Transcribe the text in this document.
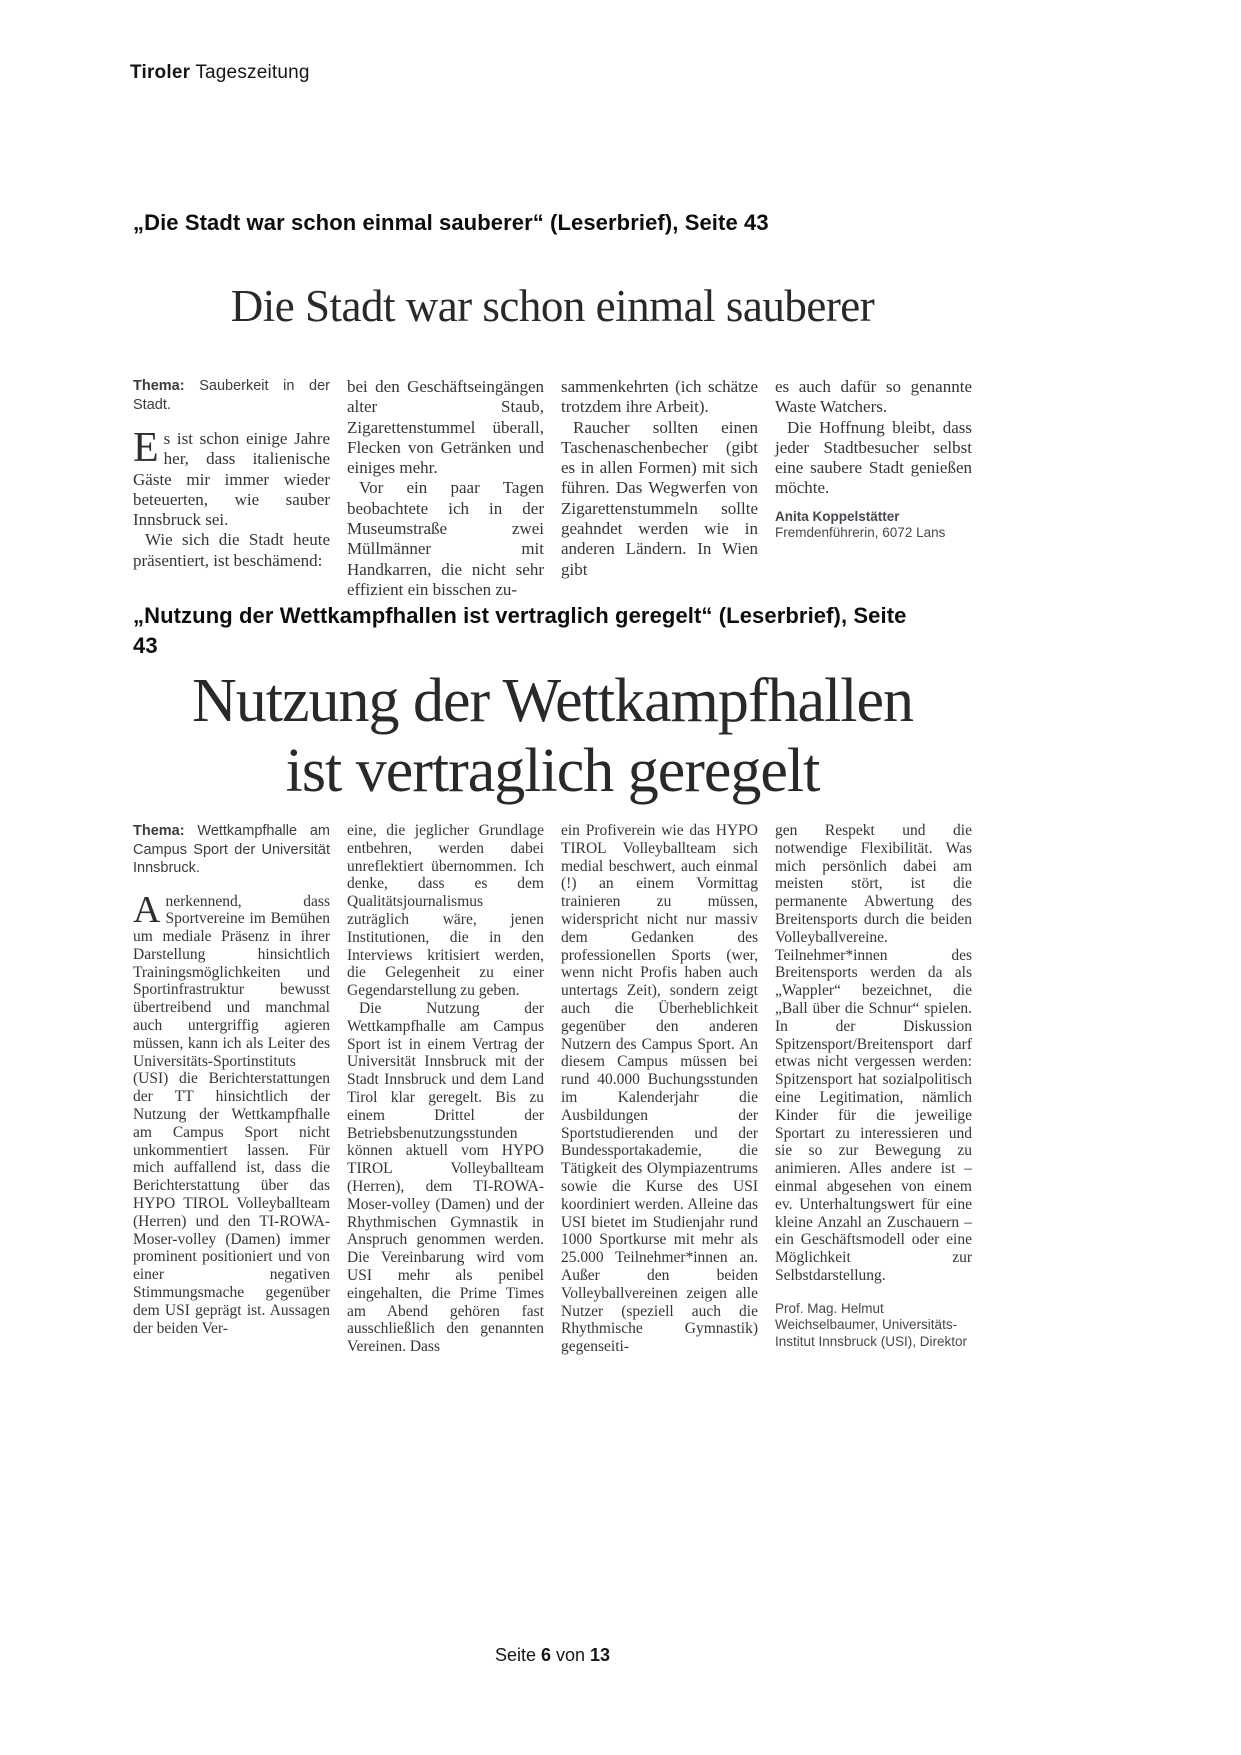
Tiroler Tageszeitung
„Die Stadt war schon einmal sauberer“ (Leserbrief), Seite 43
Die Stadt war schon einmal sauberer

Thema: Sauberkeit in der Stadt.

Es ist schon einige Jahre her, dass italienische Gäste mir immer wieder beteuerten, wie sauber Innsbruck sei.

Wie sich die Stadt heute präsentiert, ist beschämend:

bei den Geschäftseingängen alter Staub, Zigarettenstummel überall, Flecken von Getränken und einiges mehr.

Vor ein paar Tagen beobachtete ich in der Museumstraße zwei Müllmänner mit Handkarren, die nicht sehr effizient ein bisschen zu-

sammenkehrten (ich schätze trotzdem ihre Arbeit).

Raucher sollten einen Taschenaschenbecher (gibt es in allen Formen) mit sich führen. Das Wegwerfen von Zigarettenstummeln sollte geahndet werden wie in anderen Ländern. In Wien gibt

es auch dafür so genannte Waste Watchers.

Die Hoffnung bleibt, dass jeder Stadtbesucher selbst eine saubere Stadt genießen möchte.

Anita Koppelstätter
Fremdenführerin, 6072 Lans
„Nutzung der Wettkampfhallen ist vertraglich geregelt“ (Leserbrief), Seite
43
Nutzung der Wettkampfhallen
ist vertraglich geregelt

Thema: Wettkampfhalle am Campus Sport der Universität Innsbruck.

Anerkennend, dass Sportvereine im Bemühen um mediale Präsenz in ihrer Darstellung hinsichtlich Trainingsmöglichkeiten und Sportinfrastruktur bewusst übertreibend und manchmal auch untergriffig agieren müssen, kann ich als Leiter des Universitäts-Sportinstituts (USI) die Berichterstattungen der TT hinsichtlich der Nutzung der Wettkampfhalle am Campus Sport nicht unkommentiert lassen. Für mich auffallend ist, dass die Berichterstattung über das HYPO TIROL Volleyballteam (Herren) und den TI-ROWA-Moser-volley (Damen) immer prominent positioniert und von einer negativen Stimmungsmache gegenüber dem USI geprägt ist. Aussagen der beiden Ver-

eine, die jeglicher Grundlage entbehren, werden dabei unreflektiert übernommen. Ich denke, dass es dem Qualitätsjournalismus zuträglich wäre, jenen Institutionen, die in den Interviews kritisiert werden, die Gelegenheit zu einer Gegendarstellung zu geben.

Die Nutzung der Wettkampfhalle am Campus Sport ist in einem Vertrag der Universität Innsbruck mit der Stadt Innsbruck und dem Land Tirol klar geregelt. Bis zu einem Drittel der Betriebsbenutzungsstunden können aktuell vom HYPO TIROL Volleyballteam (Herren), dem TI-ROWA-Moser-volley (Damen) und der Rhythmischen Gymnastik in Anspruch genommen werden. Die Vereinbarung wird vom USI mehr als penibel eingehalten, die Prime Times am Abend gehören fast ausschließlich den genannten Vereinen. Dass

ein Profiverein wie das HYPO TIROL Volleyballteam sich medial beschwert, auch einmal (!) an einem Vormittag trainieren zu müssen, widerspricht nicht nur massiv dem Gedanken des professionellen Sports (wer, wenn nicht Profis haben auch untertags Zeit), sondern zeigt auch die Überheblichkeit gegenüber den anderen Nutzern des Campus Sport. An diesem Campus müssen bei rund 40.000 Buchungsstunden im Kalenderjahr die Ausbildungen der Sportstudierenden und der Bundessportakademie, die Tätigkeit des Olympiazentrums sowie die Kurse des USI koordiniert werden. Alleine das USI bietet im Studienjahr rund 1000 Sportkurse mit mehr als 25.000 Teilnehmer*innen an. Außer den beiden Volleyballvereinen zeigen alle Nutzer (speziell auch die Rhythmische Gymnastik) gegenseiti-

gen Respekt und die notwendige Flexibilität. Was mich persönlich dabei am meisten stört, ist die permanente Abwertung des Breitensports durch die beiden Volleyballvereine. Teilnehmer*innen des Breitensports werden da als „Wappler“ bezeichnet, die „Ball über die Schnur“ spielen. In der Diskussion Spitzensport/Breitensport darf etwas nicht vergessen werden: Spitzensport hat sozialpolitisch eine Legitimation, nämlich Kinder für die jeweilige Sportart zu interessieren und sie so zur Bewegung zu animieren. Alles andere ist – einmal abgesehen von einem ev. Unterhaltungswert für eine kleine Anzahl an Zuschauern – ein Geschäftsmodell oder eine Möglichkeit zur Selbstdarstellung.

Prof. Mag. Helmut Weichselbaumer, Universitäts-Institut Innsbruck (USI), Direktor
Seite 6 von 13
